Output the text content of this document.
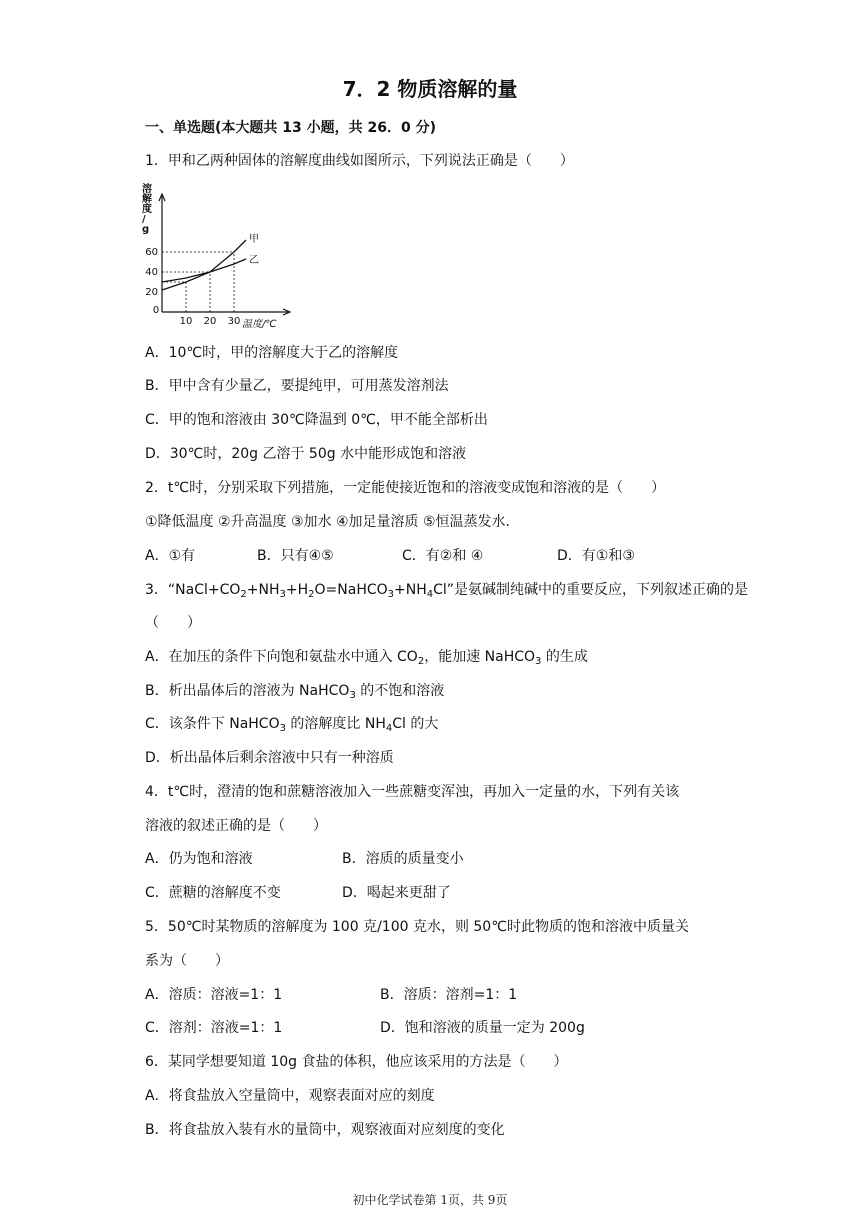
7．2 物质溶解的量
一、单选题(本大题共 13 小题，共 26．0 分)
1．甲和乙两种固体的溶解度曲线如图所示，下列说法正确是（　　）
溶解度/ g
温度/℃
20
40
60
0
10 20 30
甲
乙
A．10℃时，甲的溶解度大于乙的溶解度
B．甲中含有少量乙，要提纯甲，可用蒸发溶剂法
C．甲的饱和溶液由 30℃降温到 0℃，甲不能全部析出
D．30℃时，20g 乙溶于 50g 水中能形成饱和溶液
2．t℃时，分别采取下列措施，一定能使接近饱和的溶液变成饱和溶液的是（　　）
①降低温度 ②升高温度 ③加水 ④加足量溶质 ⑤恒温蒸发水.
A．①有	B．只有④⑤	C．有②和 ④	D．有①和③
3．“$NaCl+CO_2+NH_3+H_2O=NaHCO_3+NH_4Cl$”是氨碱制纯碱中的重要反应，下列叙述正确的是
（　　）
A．在加压的条件下向饱和氨盐水中通入 $CO_2$，能加速 NaHCO$_3$ 的生成
B．析出晶体后的溶液为 NaHCO$_3$ 的不饱和溶液
C．该条件下 NaHCO$_3$ 的溶解度比 $NH_4Cl$ 的大
D．析出晶体后剩余溶液中只有一种溶质
4．t℃时，澄清的饱和蔗糖溶液加入一些蔗糖变浑浊，再加入一定量的水，下列有关该
溶液的叙述正确的是（　　）
A．仍为饱和溶液	B．溶质的质量变小
C．蔗糖的溶解度不变	D．喝起来更甜了
5．50℃时某物质的溶解度为 100 克/100 克水，则 50℃时此物质的饱和溶液中质量关
系为（　　）
A．溶质：溶液=1：1	B．溶质：溶剂=1：1
C．溶剂：溶液=1：1	D．饱和溶液的质量一定为 200g
6．某同学想要知道 10g 食盐的体积，他应该采用的方法是（　　）
A．将食盐放入空量筒中，观察表面对应的刻度
B．将食盐放入装有水的量筒中，观察液面对应刻度的变化
初中化学试卷第 1页，共 9页
